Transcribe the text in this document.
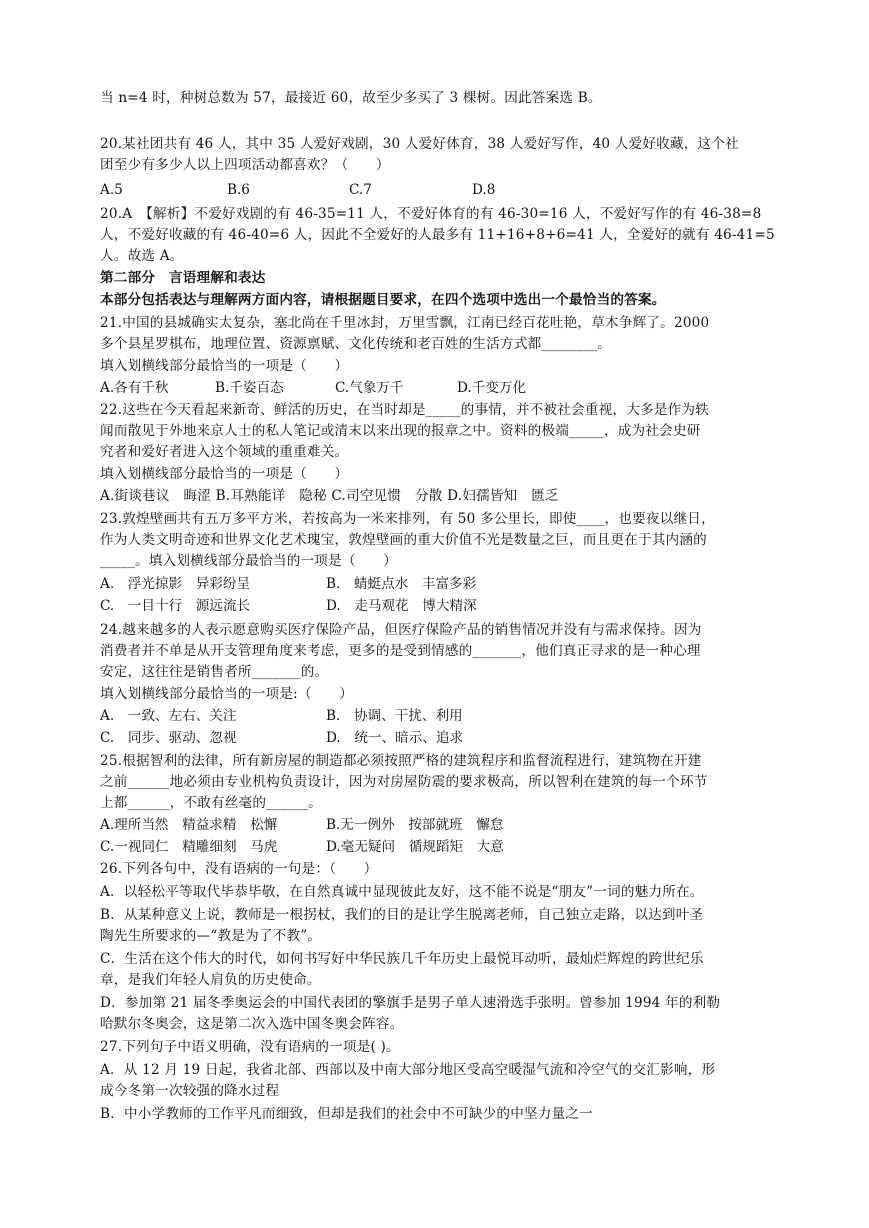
当 n=4 时，种树总数为 57，最接近 60，故至少多买了 3 棵树。因此答案选 B。
20.某社团共有 46 人，其中 35 人爱好戏剧，30 人爱好体育，38 人爱好写作，40 人爱好收藏，这个社
团至少有多少人以上四项活动都喜欢？（　　）
A.5	B.6	C.7	D.8
20.A　【解析】不爱好戏剧的有 46-35=11 人，不爱好体育的有 46-30=16 人，不爱好写作的有 46-38=8
人，不爱好收藏的有 46-40=6 人，因此不全爱好的人最多有 11+16+8+6=41 人，全爱好的就有 46-41=5
人。故选 A。
第二部分　言语理解和表达
本部分包括表达与理解两方面内容，请根据题目要求，在四个选项中选出一个最恰当的答案。
21.中国的县城确实太复杂，塞北尚在千里冰封，万里雪飘，江南已经百花吐艳，草木争辉了。2000
多个县星罗棋布，地理位置、资源禀赋、文化传统和老百姓的生活方式都________。
填入划横线部分最恰当的一项是（　　）
A.各有千秋	B.千姿百态	C.气象万千	D.千变万化
22.这些在今天看起来新奇、鲜活的历史，在当时却是_____的事情，并不被社会重视，大多是作为轶
闻而散见于外地来京人士的私人笔记或清末以来出现的报章之中。资料的极端_____，成为社会史研
究者和爱好者进入这个领域的重重难关。
填入划横线部分最恰当的一项是（　　）
A.街谈巷议　晦涩 B.耳熟能详　隐秘 C.司空见惯　分散 D.妇孺皆知　匮乏
23.敦煌壁画共有五万多平方米，若按高为一米来排列，有 50 多公里长，即使____，也要夜以继日，
作为人类文明奇迹和世界文化艺术瑰宝，敦煌壁画的重大价值不光是数量之巨，而且更在于其内涵的
_____。填入划横线部分最恰当的一项是（　　）
A.　浮光掠影　异彩纷呈	B.　蜻蜓点水　丰富多彩
C.　一目十行　源远流长	D.　走马观花　博大精深
24.越来越多的人表示愿意购买医疗保险产品，但医疗保险产品的销售情况并没有与需求保持。因为
消费者并不单是从开支管理角度来考虑，更多的是受到情感的_______，他们真正寻求的是一种心理
安定，这往往是销售者所_______的。
填入划横线部分最恰当的一项是:（　　）
A.　一致、左右、关注	B.　协调、干扰、利用
C.　同步、驱动、忽视	D.　统一、暗示、追求
25.根据智利的法律，所有新房屋的制造都必须按照严格的建筑程序和监督流程进行，建筑物在开建
之前______地必须由专业机构负责设计，因为对房屋防震的要求极高，所以智利在建筑的每一个环节
上都______，不敢有丝毫的______。
A.理所当然　精益求精　松懈	B.无一例外　按部就班　懈怠
C.一视同仁　精雕细刻　马虎	D.毫无疑问　循规蹈矩　大意
26.下列各句中，没有语病的一句是：（　　）
A．以轻松平等取代毕恭毕敬，在自然真诚中显现彼此友好，这不能不说是“朋友”一词的魅力所在。
B．从某种意义上说，教师是一根拐杖，我们的目的是让学生脱离老师，自己独立走路，以达到叶圣
陶先生所要求的—“教是为了不教”。
C．生活在这个伟大的时代，如何书写好中华民族几千年历史上最悦耳动听，最灿烂辉煌的跨世纪乐
章，是我们年轻人肩负的历史使命。
D．参加第 21 届冬季奥运会的中国代表团的擎旗手是男子单人速滑选手张明。曾参加 1994 年的利勒
哈默尔冬奥会，这是第二次入选中国冬奥会阵容。
27.下列句子中语义明确，没有语病的一项是( )。
A．从 12 月 19 日起，我省北部、西部以及中南大部分地区受高空暖湿气流和冷空气的交汇影响，形
成今冬第一次较强的降水过程
B．中小学教师的工作平凡而细致，但却是我们的社会中不可缺少的中坚力量之一
